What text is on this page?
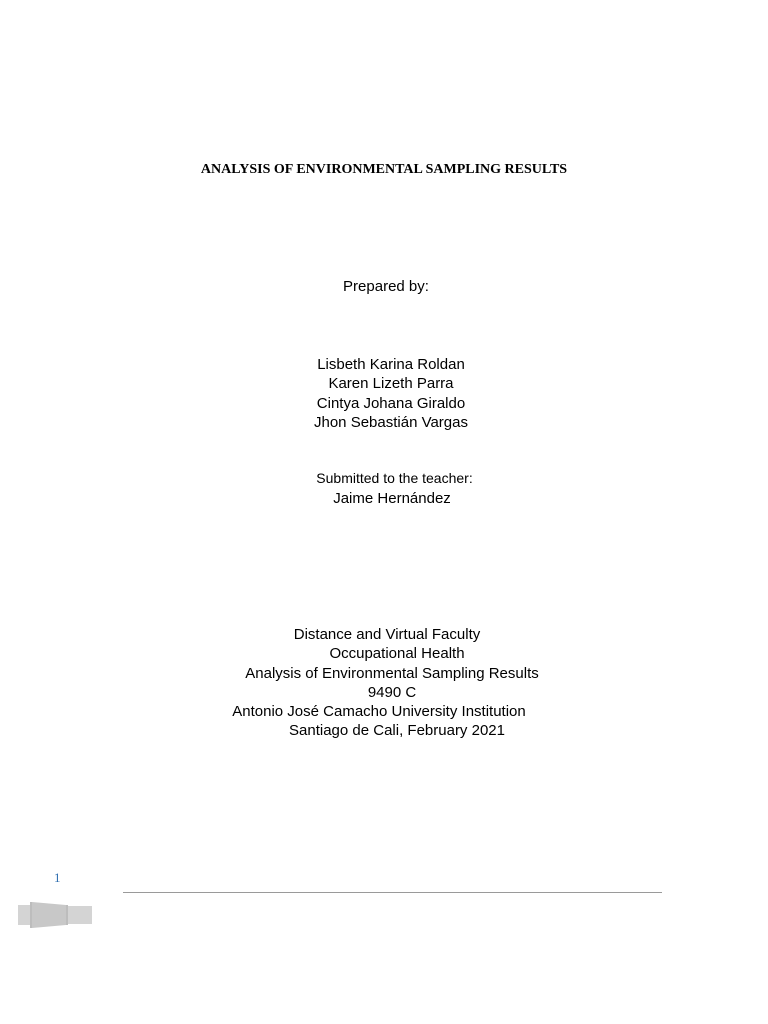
ANALYSIS OF ENVIRONMENTAL SAMPLING RESULTS
Prepared by:
Lisbeth Karina Roldan
Karen Lizeth Parra
Cintya Johana Giraldo
Jhon Sebastián Vargas
Submitted to the teacher:
Jaime Hernández
Distance and Virtual Faculty
Occupational Health
Analysis of Environmental Sampling Results
9490 C
Antonio José Camacho University Institution
Santiago de Cali, February 2021
1
